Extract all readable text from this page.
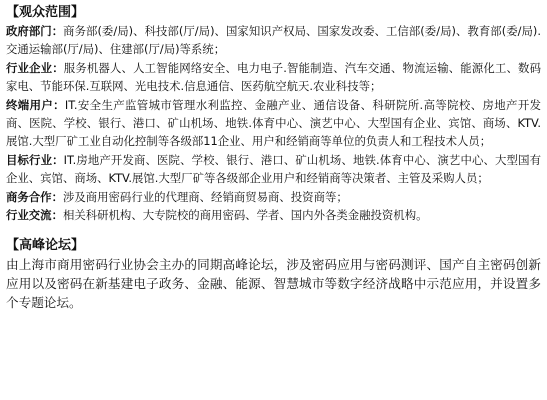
【观众范围】

政府部门：商务部(委/局)、科技部(厅/局)、国家知识产权局、国家发改委、工信部(委/局)、教育部(委/局).交通运输部(厅/局)、住建部(厅/局)等系统；

行业企业：服务机器人、人工智能网络安全、电力电子.智能制造、汽车交通、物流运输、能源化工、数码家电、节能环保.互联网、光电技术.信息通信、医药航空航天.农业科技等；

终端用户：IT.安全生产监管城市管理水利监控、金融产业、通信设备、科研院所.高等院校、房地产开发商、医院、学校、银行、港口、矿山机场、地铁.体育中心、演艺中心、大型国有企业、宾馆、商场、KTV.展馆.大型厂矿工业自动化控制等各级部11企业、用户和经销商等单位的负责人和工程技术人员；

目标行业：IT.房地产开发商、医院、学校、银行、港口、矿山机场、地铁.体育中心、演艺中心、大型国有企业、宾馆、商场、KTV.展馆.大型厂矿等各级部企业用户和经销商等决策者、主管及采购人员；

商务合作：涉及商用密码行业的代理商、经销商贸易商、投资商等；

行业交流：相关科研机构、大专院校的商用密码、学者、国内外各类金融投资机构。

【高峰论坛】

由上海市商用密码行业协会主办的同期高峰论坛，涉及密码应用与密码测评、国产自主密码创新应用以及密码在新基建电子政务、金融、能源、智慧城市等数字经济战略中示范应用，并设置多个专题论坛。
